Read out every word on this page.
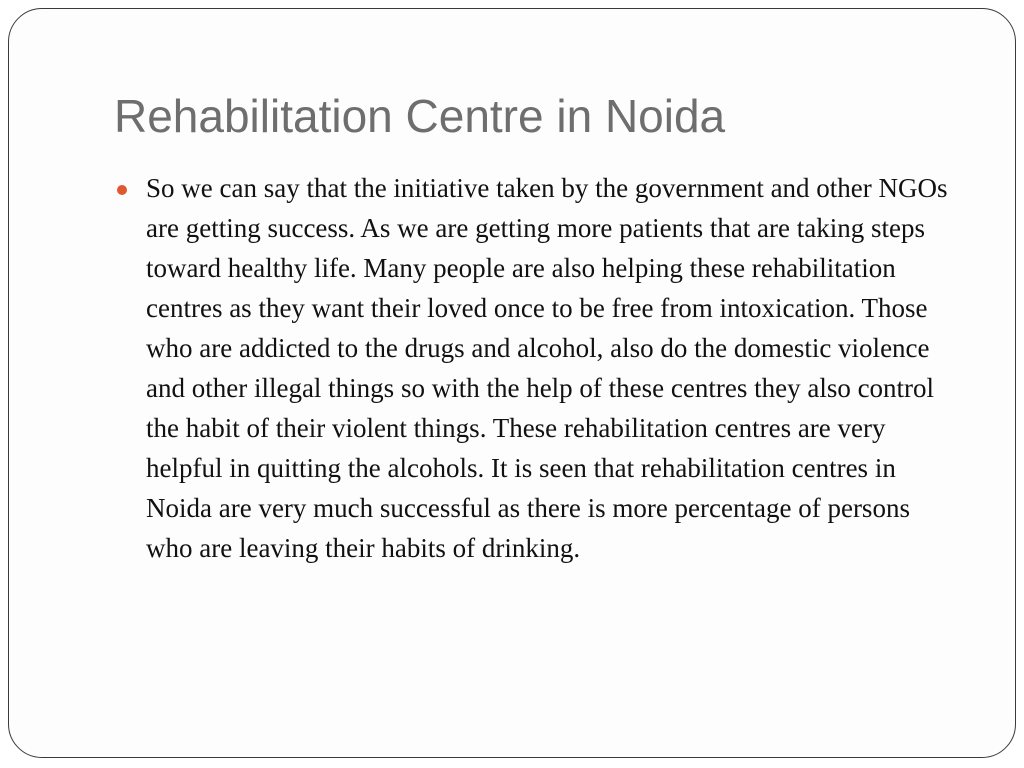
Rehabilitation Centre in Noida
So we can say that the initiative taken by the government and other NGOs are getting success. As we are getting more patients that are taking steps toward healthy life. Many people are also helping these rehabilitation centres as they want their loved once to be free from intoxication. Those who are addicted to the drugs and alcohol, also do the domestic violence and other illegal things so with the help of these centres they also control the habit of their violent things. These rehabilitation centres are very helpful in quitting the alcohols. It is seen that rehabilitation centres in Noida are very much successful as there is more percentage of persons who are leaving their habits of drinking.
